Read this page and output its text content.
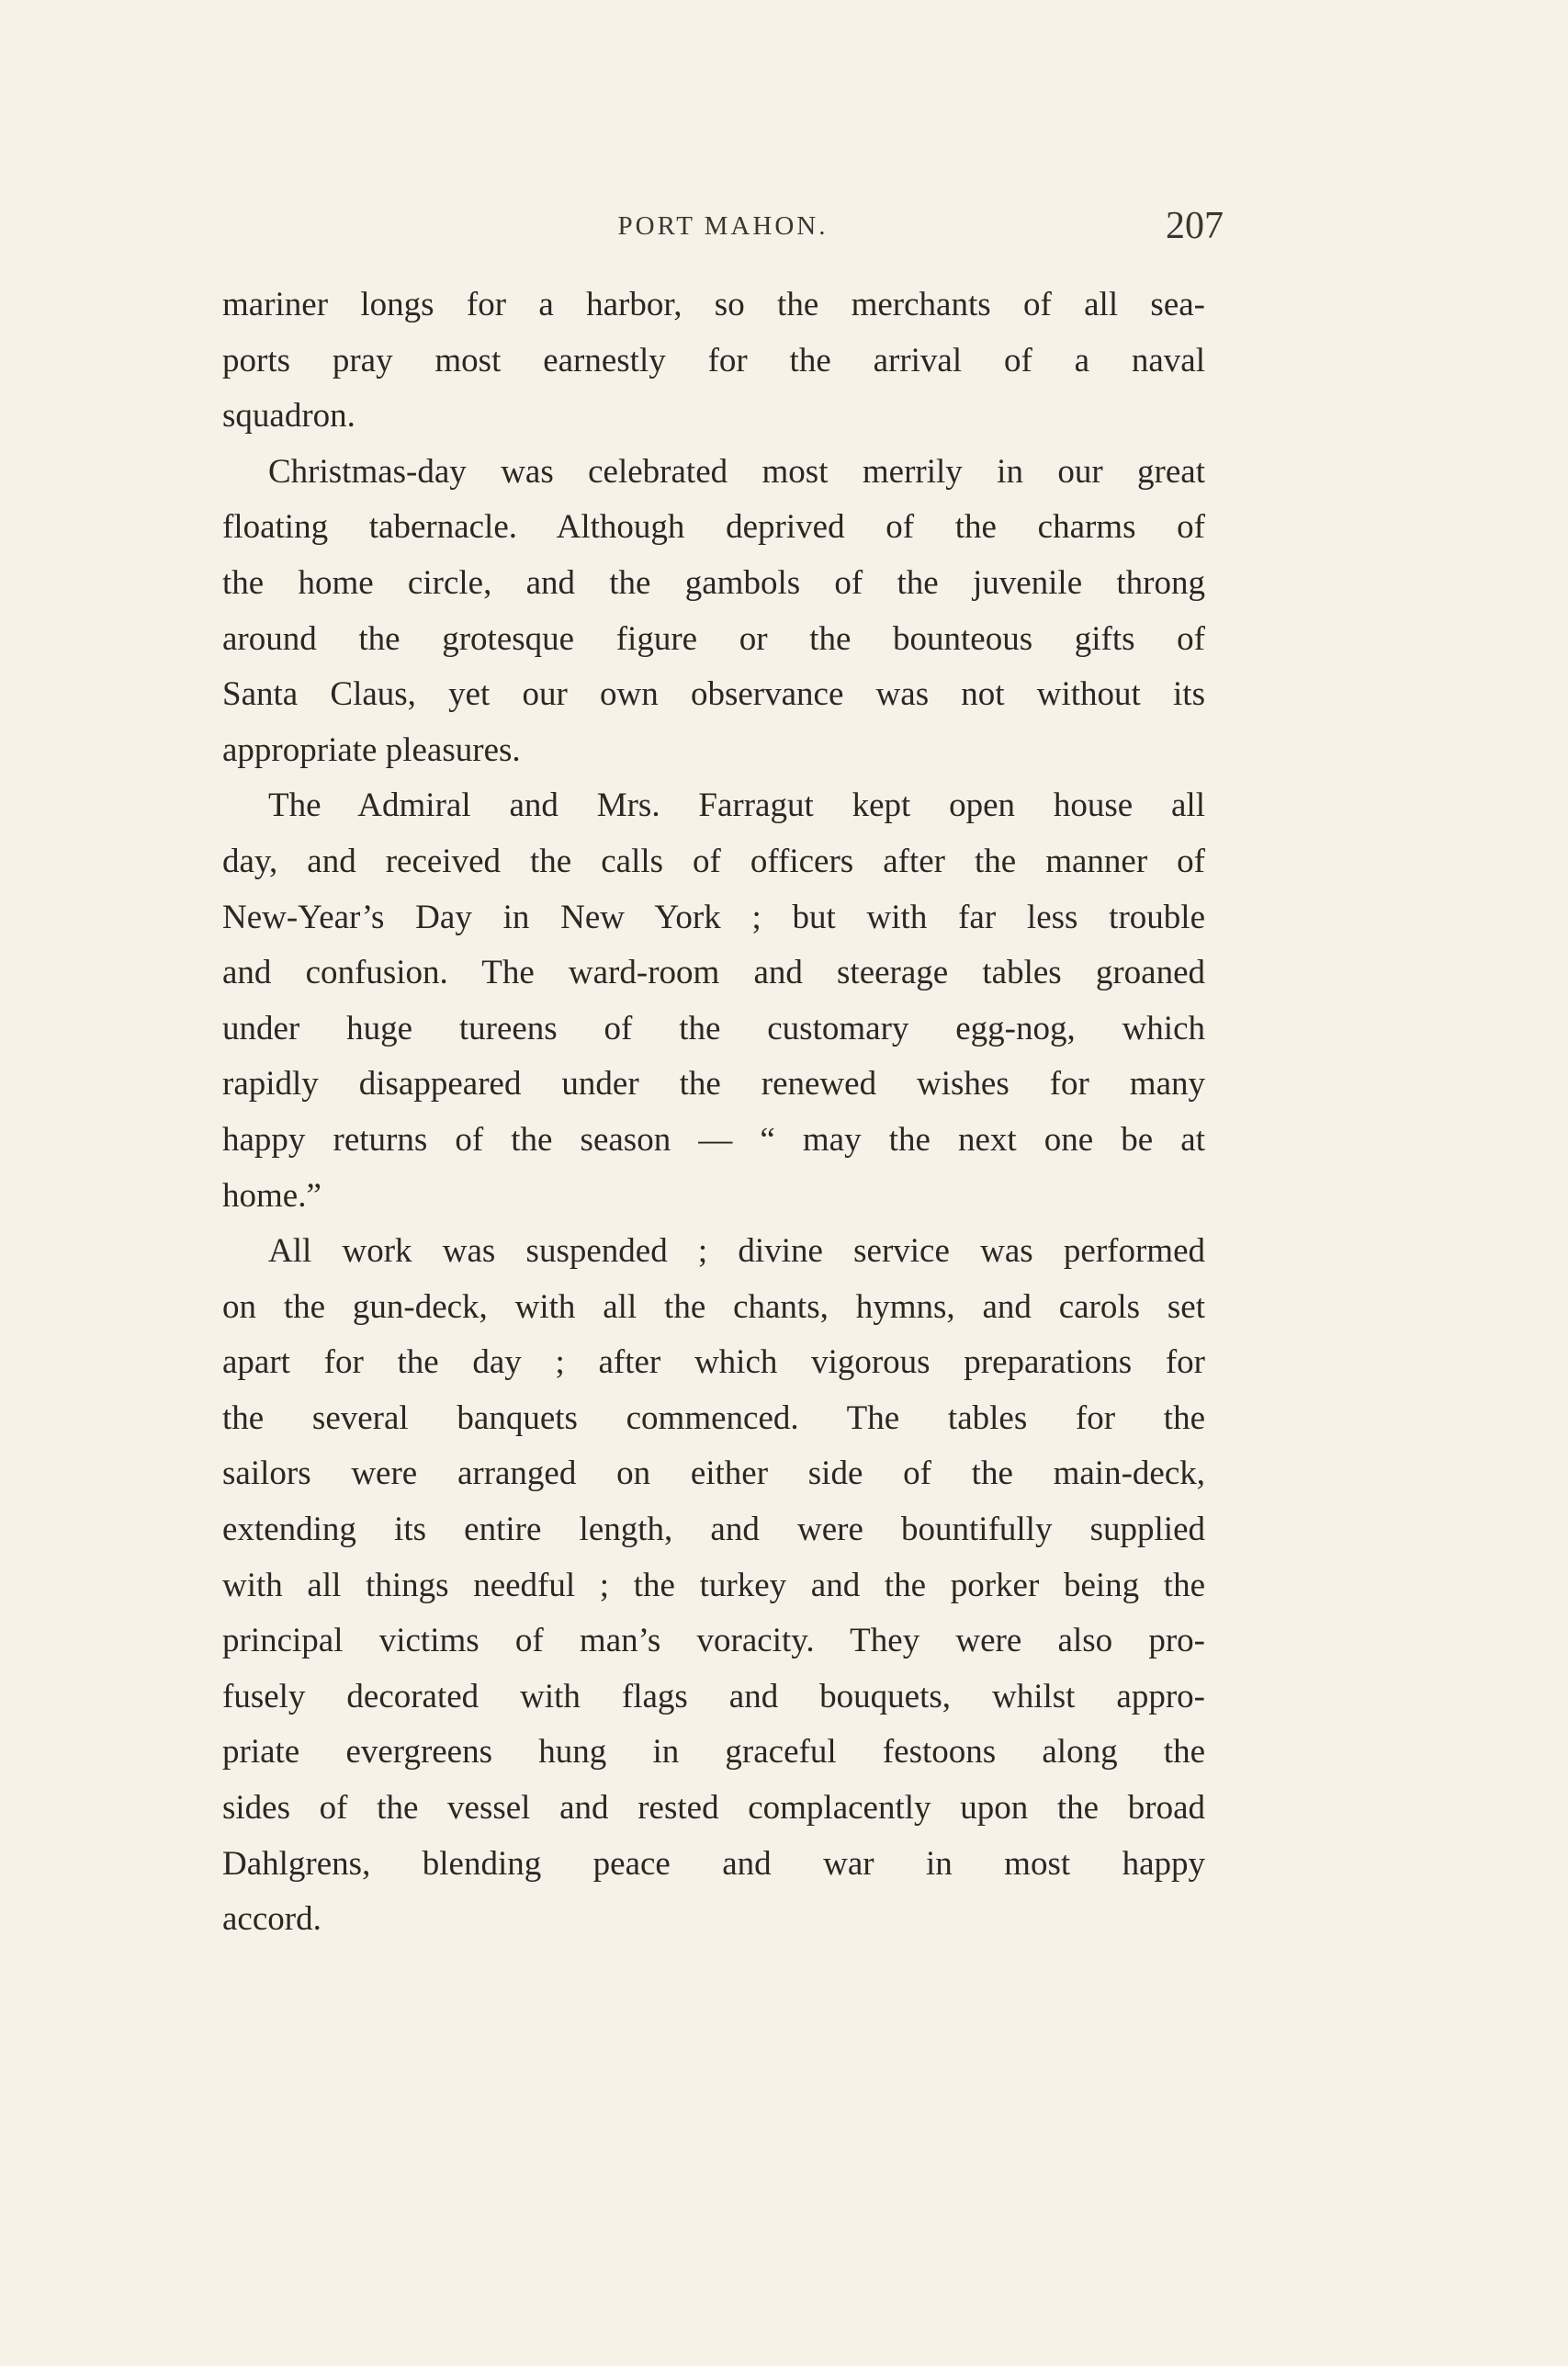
PORT MAHON.	207
mariner longs for a harbor, so the merchants of all sea-
ports pray most earnestly for the arrival of a naval
squadron.
Christmas-day was celebrated most merrily in our great
floating tabernacle. Although deprived of the charms of
the home circle, and the gambols of the juvenile throng
around the grotesque figure or the bounteous gifts of
Santa Claus, yet our own observance was not without its
appropriate pleasures.
The Admiral and Mrs. Farragut kept open house all
day, and received the calls of officers after the manner of
New-Year’s Day in New York ; but with far less trouble
and confusion. The ward-room and steerage tables groaned
under huge tureens of the customary egg-nog, which
rapidly disappeared under the renewed wishes for many
happy returns of the season — “ may the next one be at
home.”
All work was suspended ; divine service was performed
on the gun-deck, with all the chants, hymns, and carols set
apart for the day ; after which vigorous preparations for
the several banquets commenced. The tables for the
sailors were arranged on either side of the main-deck,
extending its entire length, and were bountifully supplied
with all things needful ; the turkey and the porker being the
principal victims of man’s voracity. They were also pro-
fusely decorated with flags and bouquets, whilst appro-
priate evergreens hung in graceful festoons along the
sides of the vessel and rested complacently upon the broad
Dahlgrens, blending peace and war in most happy
accord.
